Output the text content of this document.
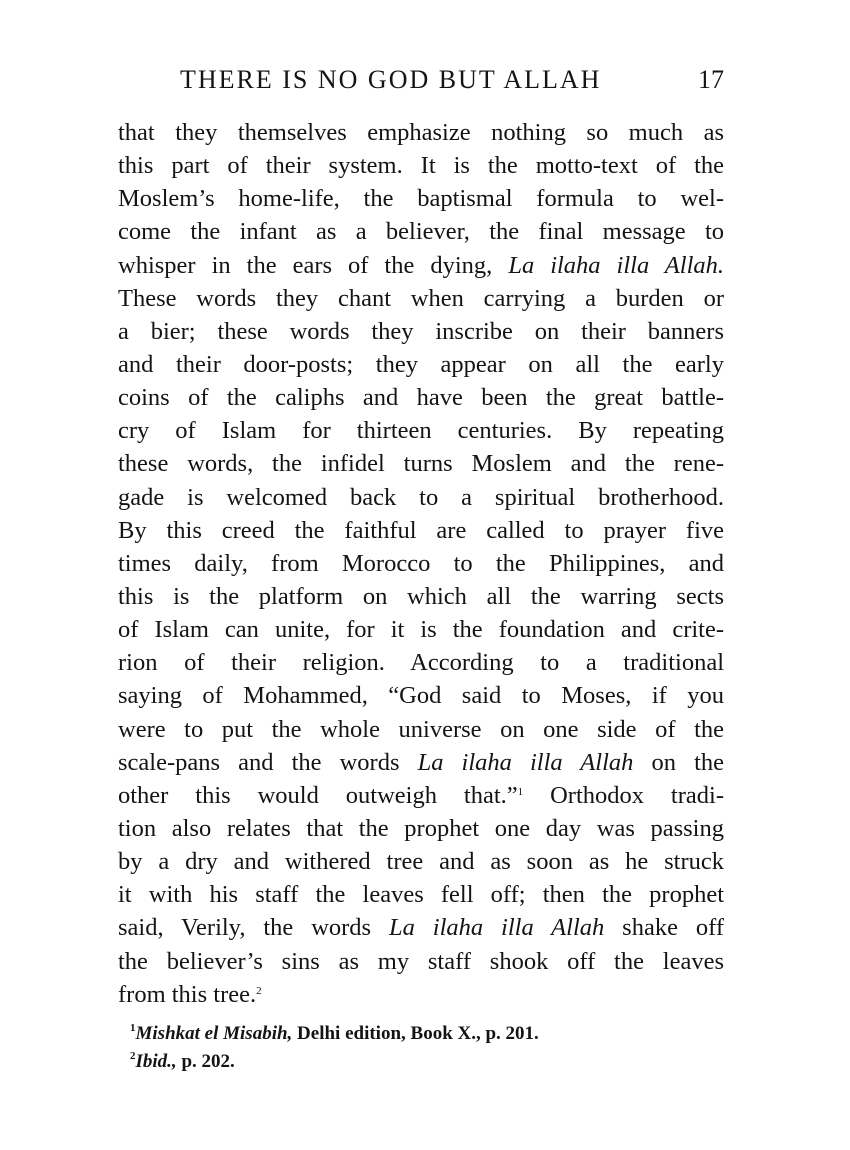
THERE IS NO GOD BUT ALLAH	17
that they themselves emphasize nothing so much as
this part of their system. It is the motto-text of the
Moslem’s home-life, the baptismal formula to wel-
come the infant as a believer, the final message to
whisper in the ears of the dying, La ilaha illa Allah.
These words they chant when carrying a burden or
a bier; these words they inscribe on their banners
and their door-posts; they appear on all the early
coins of the caliphs and have been the great battle-
cry of Islam for thirteen centuries. By repeating
these words, the infidel turns Moslem and the rene-
gade is welcomed back to a spiritual brotherhood.
By this creed the faithful are called to prayer five
times daily, from Morocco to the Philippines, and
this is the platform on which all the warring sects
of Islam can unite, for it is the foundation and crite-
rion of their religion. According to a traditional
saying of Mohammed, “God said to Moses, if you
were to put the whole universe on one side of the
scale-pans and the words La ilaha illa Allah on the
other this would outweigh that.”$^1$ Orthodox tradi-
tion also relates that the prophet one day was passing
by a dry and withered tree and as soon as he struck
it with his staff the leaves fell off; then the prophet
said, Verily, the words La ilaha illa Allah shake off
the believer’s sins as my staff shook off the leaves
from this tree.$^2$
$^1$Mishkat el Misabih, Delhi edition, Book X., p. 201.
$^2$Ibid., p. 202.
